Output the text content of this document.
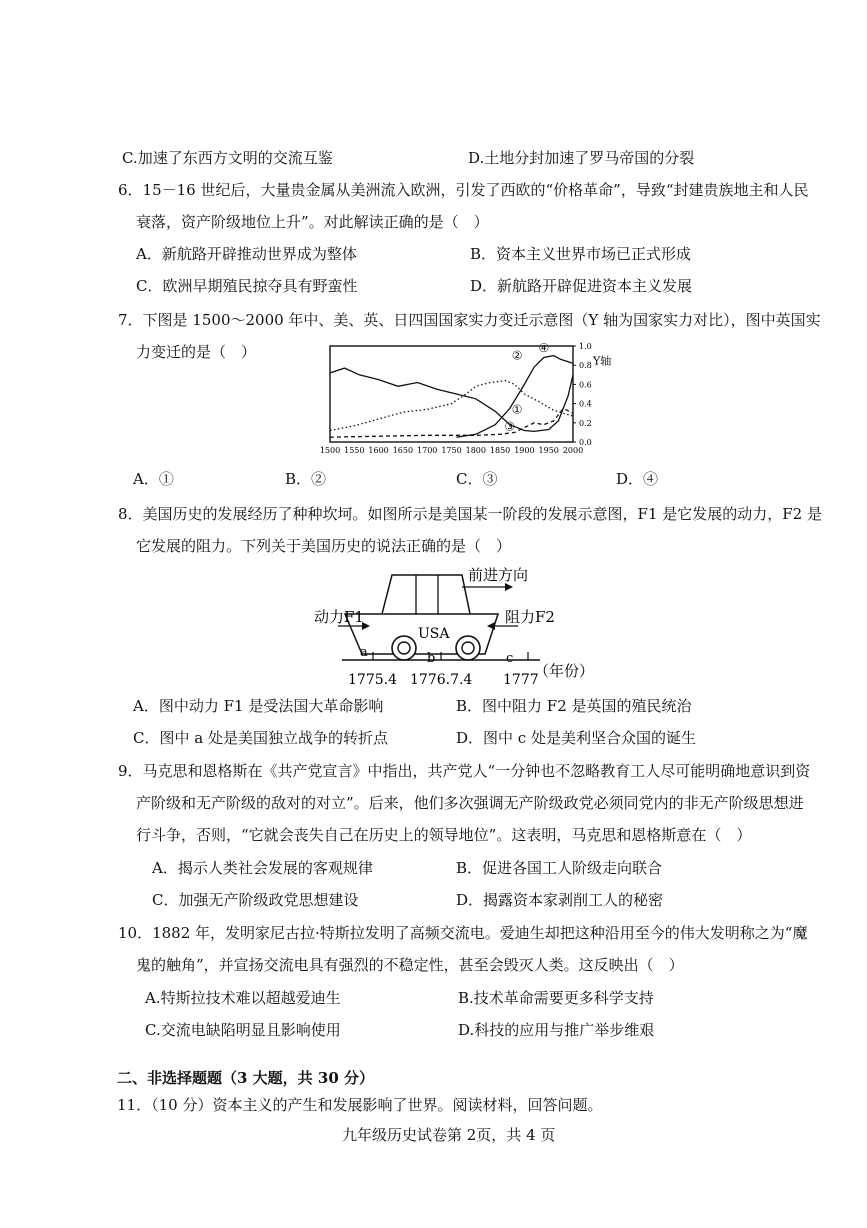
C.加速了东西方文明的交流互鉴	D.土地分封加速了罗马帝国的分裂
6．15－16 世纪后，大量贵金属从美洲流入欧洲，引发了西欧的“价格革命”，导致“封建贵族地主和人民
衰落，资产阶级地位上升”。对此解读正确的是（　）
A．新航路开辟推动世界成为整体	B．资本主义世界市场已正式形成
C．欧洲早期殖民掠夺具有野蛮性	D．新航路开辟促进资本主义发展
7．下图是 1500～2000 年中、美、英、日四国国家实力变迁示意图（Y 轴为国家实力对比），图中英国实
力变迁的是（　）
1500 1550 1600 1650 1700 1750 1800 1850 1900 1950 2000
0.0
0.2
0.4
0.6
0.8
1.0
Y轴
①
②
③
④
A．①	B．②	C．③	D．④
8．美国历史的发展经历了种种坎坷。如图所示是美国某一阶段的发展示意图，F1 是它发展的动力，F2 是
它发展的阻力。下列关于美国历史的说法正确的是（　）
前进方向
动力F1	阻力F2
USA
a	b	c
1775.4 1776.7.4 1777
（年份）
A．图中动力 F1 是受法国大革命影响	B．图中阻力 F2 是英国的殖民统治
C．图中 a 处是美国独立战争的转折点	D．图中 c 处是美利坚合众国的诞生
9．马克思和恩格斯在《共产党宣言》中指出，共产党人“一分钟也不忽略教育工人尽可能明确地意识到资
产阶级和无产阶级的敌对的对立”。后来，他们多次强调无产阶级政党必须同党内的非无产阶级思想进
行斗争，否则，“它就会丧失自己在历史上的领导地位”。这表明，马克思和恩格斯意在（　）
A．揭示人类社会发展的客观规律	B．促进各国工人阶级走向联合
C．加强无产阶级政党思想建设	D．揭露资本家剥削工人的秘密
10．1882 年，发明家尼古拉·特斯拉发明了高频交流电。爱迪生却把这种沿用至今的伟大发明称之为“魔
鬼的触角”，并宣扬交流电具有强烈的不稳定性，甚至会毁灭人类。这反映出（　）
A.特斯拉技术难以超越爱迪生	B.技术革命需要更多科学支持
C.交流电缺陷明显且影响使用	D.科技的应用与推广举步维艰
二、非选择题题（3 大题，共 30 分）
11．（10 分）资本主义的产生和发展影响了世界。阅读材料，回答问题。
九年级历史试卷第 2页，共 4 页
